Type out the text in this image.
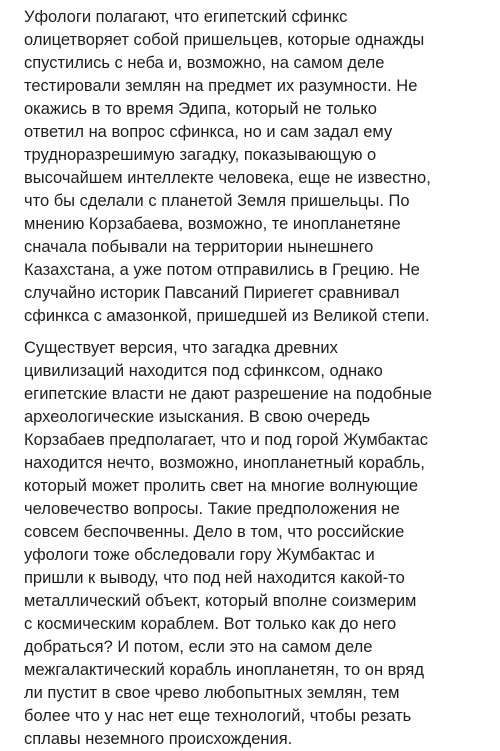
Уфологи полагают, что египетский сфинкс
олицетворяет собой пришельцев, которые однажды
спустились с неба и, возможно, на самом деле
тестировали землян на предмет их разумности. Не
окажись в то время Эдипа, который не только
ответил на вопрос сфинкса, но и сам задал ему
трудноразрешимую загадку, показывающую о
высочайшем интеллекте человека, еще не известно,
что бы сделали с планетой Земля пришельцы. По
мнению Корзабаева, возможно, те инопланетяне
сначала побывали на территории нынешнего
Казахстана, а уже потом отправились в Грецию. Не
случайно историк Павсаний Пириегет сравнивал
сфинкса с амазонкой, пришедшей из Великой степи.

Существует версия, что загадка древних
цивилизаций находится под сфинксом, однако
египетские власти не дают разрешение на подобные
археологические изыскания. В свою очередь
Корзабаев предполагает, что и под горой Жумбактас
находится нечто, возможно, инопланетный корабль,
который может пролить свет на многие волнующие
человечество вопросы. Такие предположения не
совсем беспочвенны. Дело в том, что российские
уфологи тоже обследовали гору Жумбактас и
пришли к выводу, что под ней находится какой-то
металлический объект, который вполне соизмерим
с космическим кораблем. Вот только как до него
добраться? И потом, если это на самом деле
межгалактический корабль инопланетян, то он вряд
ли пустит в свое чрево любопытных землян, тем
более что у нас нет еще технологий, чтобы резать
сплавы неземного происхождения.
